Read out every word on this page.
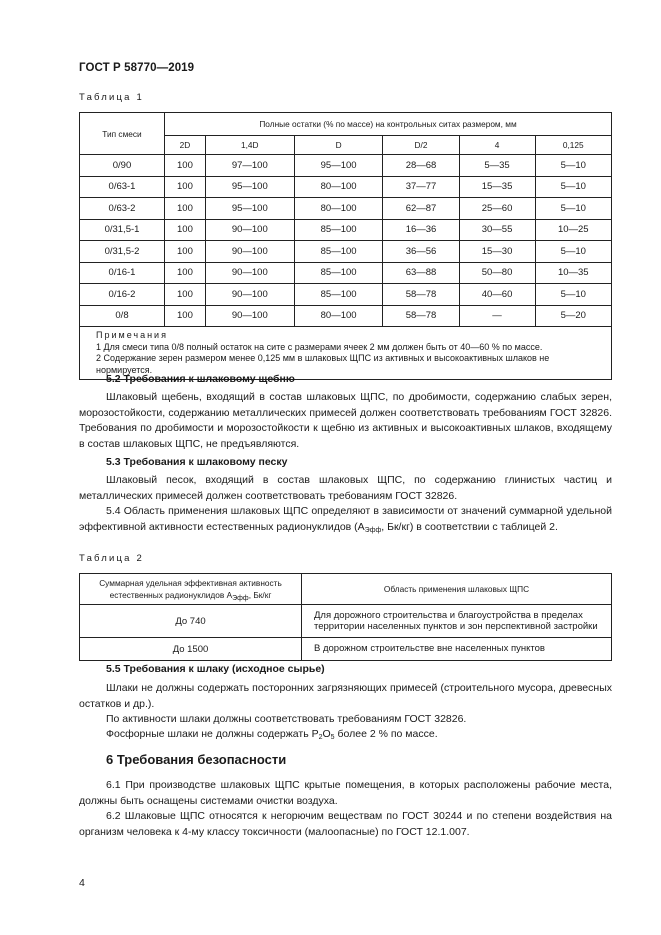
ГОСТ Р 58770—2019
Таблица 1
Тип смеси	Полные остатки (% по массе) на контрольных ситах размером, мм					
	2D	1,4D	D	D/2	4	0,125
0/90	100	97—100	95—100	28—68	5—35	5—10
0/63-1	100	95—100	80—100	37—77	15—35	5—10
0/63-2	100	95—100	80—100	62—87	25—60	5—10
0/31,5-1	100	90—100	85—100	16—36	30—55	10—25
0/31,5-2	100	90—100	85—100	36—56	15—30	5—10
0/16-1	100	90—100	85—100	63—88	50—80	10—35
0/16-2	100	90—100	85—100	58—78	40—60	5—10
0/8	100	90—100	80—100	58—78	—	5—20

Примечания
1 Для смеси типа 0/8 полный остаток на сите с размерами ячеек 2 мм должен быть от 40—60 % по массе.
2 Содержание зерен размером менее 0,125 мм в шлаковых ЩПС из активных и высокоактивных шлаков не нормируется.						
5.2 Требования к шлаковому щебню

Шлаковый щебень, входящий в состав шлаковых ЩПС, по дробимости, содержанию слабых зерен, морозостойкости, содержанию металлических примесей должен соответствовать требованиям ГОСТ 32826. Требования по дробимости и морозостойкости к щебню из активных и высокоактивных шлаков, входящему в состав шлаковых ЩПС, не предъявляются.

5.3 Требования к шлаковому песку

Шлаковый песок, входящий в состав шлаковых ЩПС, по содержанию глинистых частиц и металлических примесей должен соответствовать требованиям ГОСТ 32826.

5.4 Область применения шлаковых ЩПС определяют в зависимости от значений суммарной удельной эффективной активности естественных радионуклидов ($А_{Эфф}$, Бк/кг) в соответствии с таблицей 2.

Таблица 2
Суммарная удельная эффективная активность естественных радионуклидов $А_{Эфф}$, Бк/кг	Область применения шлаковых ЩПС
До 740	Для дорожного строительства и благоустройства в пределах территории населенных пунктов и зон перспективной застройки
До 1500	В дорожном строительстве вне населенных пунктов
5.5 Требования к шлаку (исходное сырье)

Шлаки не должны содержать посторонних загрязняющих примесей (строительного мусора, древесных остатков и др.).

По активности шлаки должны соответствовать требованиям ГОСТ 32826.

Фосфорные шлаки не должны содержать $Р_2О_5$ более 2 % по массе.

6 Требования безопасности

6.1 При производстве шлаковых ЩПС крытые помещения, в которых расположены рабочие места, должны быть оснащены системами очистки воздуха.

6.2 Шлаковые ЩПС относятся к негорючим веществам по ГОСТ 30244 и по степени воздействия на организм человека к 4-му классу токсичности (малоопасные) по ГОСТ 12.1.007.

4
